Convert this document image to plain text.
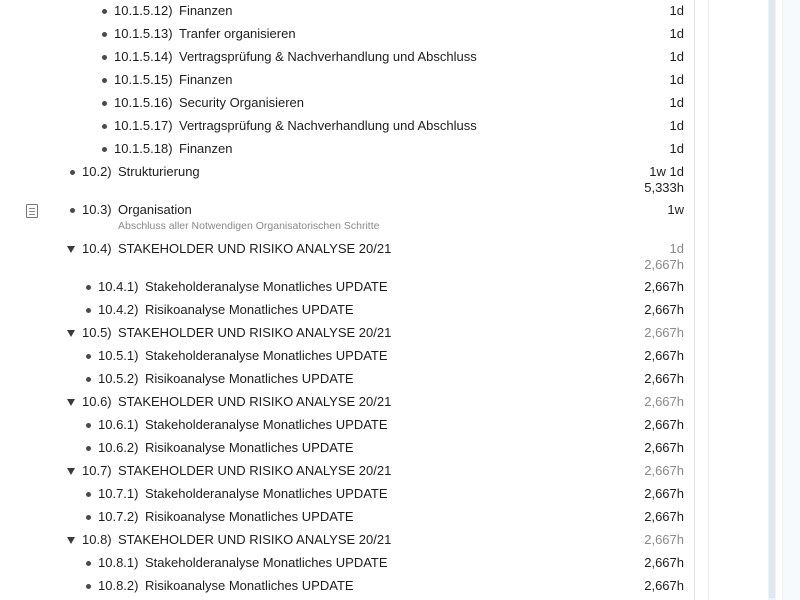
10.1.5.12) Finanzen	1d
10.1.5.13) Tranfer organisieren	1d
10.1.5.14) Vertragsprüfung & Nachverhandlung und Abschluss	1d
10.1.5.15) Finanzen	1d
10.1.5.16) Security Organisieren	1d
10.1.5.17) Vertragsprüfung & Nachverhandlung und Abschluss	1d
10.1.5.18) Finanzen	1d
10.2) Strukturierung	1w 1d
5,333h
10.3) Organisation	1w
Abschluss aller Notwendigen Organisatorischen Schritte
10.4) STAKEHOLDER UND RISIKO ANALYSE 20/21	1d
2,667h
10.4.1) Stakeholderanalyse Monatliches UPDATE	2,667h
10.4.2) Risikoanalyse Monatliches UPDATE	2,667h
10.5) STAKEHOLDER UND RISIKO ANALYSE 20/21	2,667h
10.5.1) Stakeholderanalyse Monatliches UPDATE	2,667h
10.5.2) Risikoanalyse Monatliches UPDATE	2,667h
10.6) STAKEHOLDER UND RISIKO ANALYSE 20/21	2,667h
10.6.1) Stakeholderanalyse Monatliches UPDATE	2,667h
10.6.2) Risikoanalyse Monatliches UPDATE	2,667h
10.7) STAKEHOLDER UND RISIKO ANALYSE 20/21	2,667h
10.7.1) Stakeholderanalyse Monatliches UPDATE	2,667h
10.7.2) Risikoanalyse Monatliches UPDATE	2,667h
10.8) STAKEHOLDER UND RISIKO ANALYSE 20/21	2,667h
10.8.1) Stakeholderanalyse Monatliches UPDATE	2,667h
10.8.2) Risikoanalyse Monatliches UPDATE	2,667h
